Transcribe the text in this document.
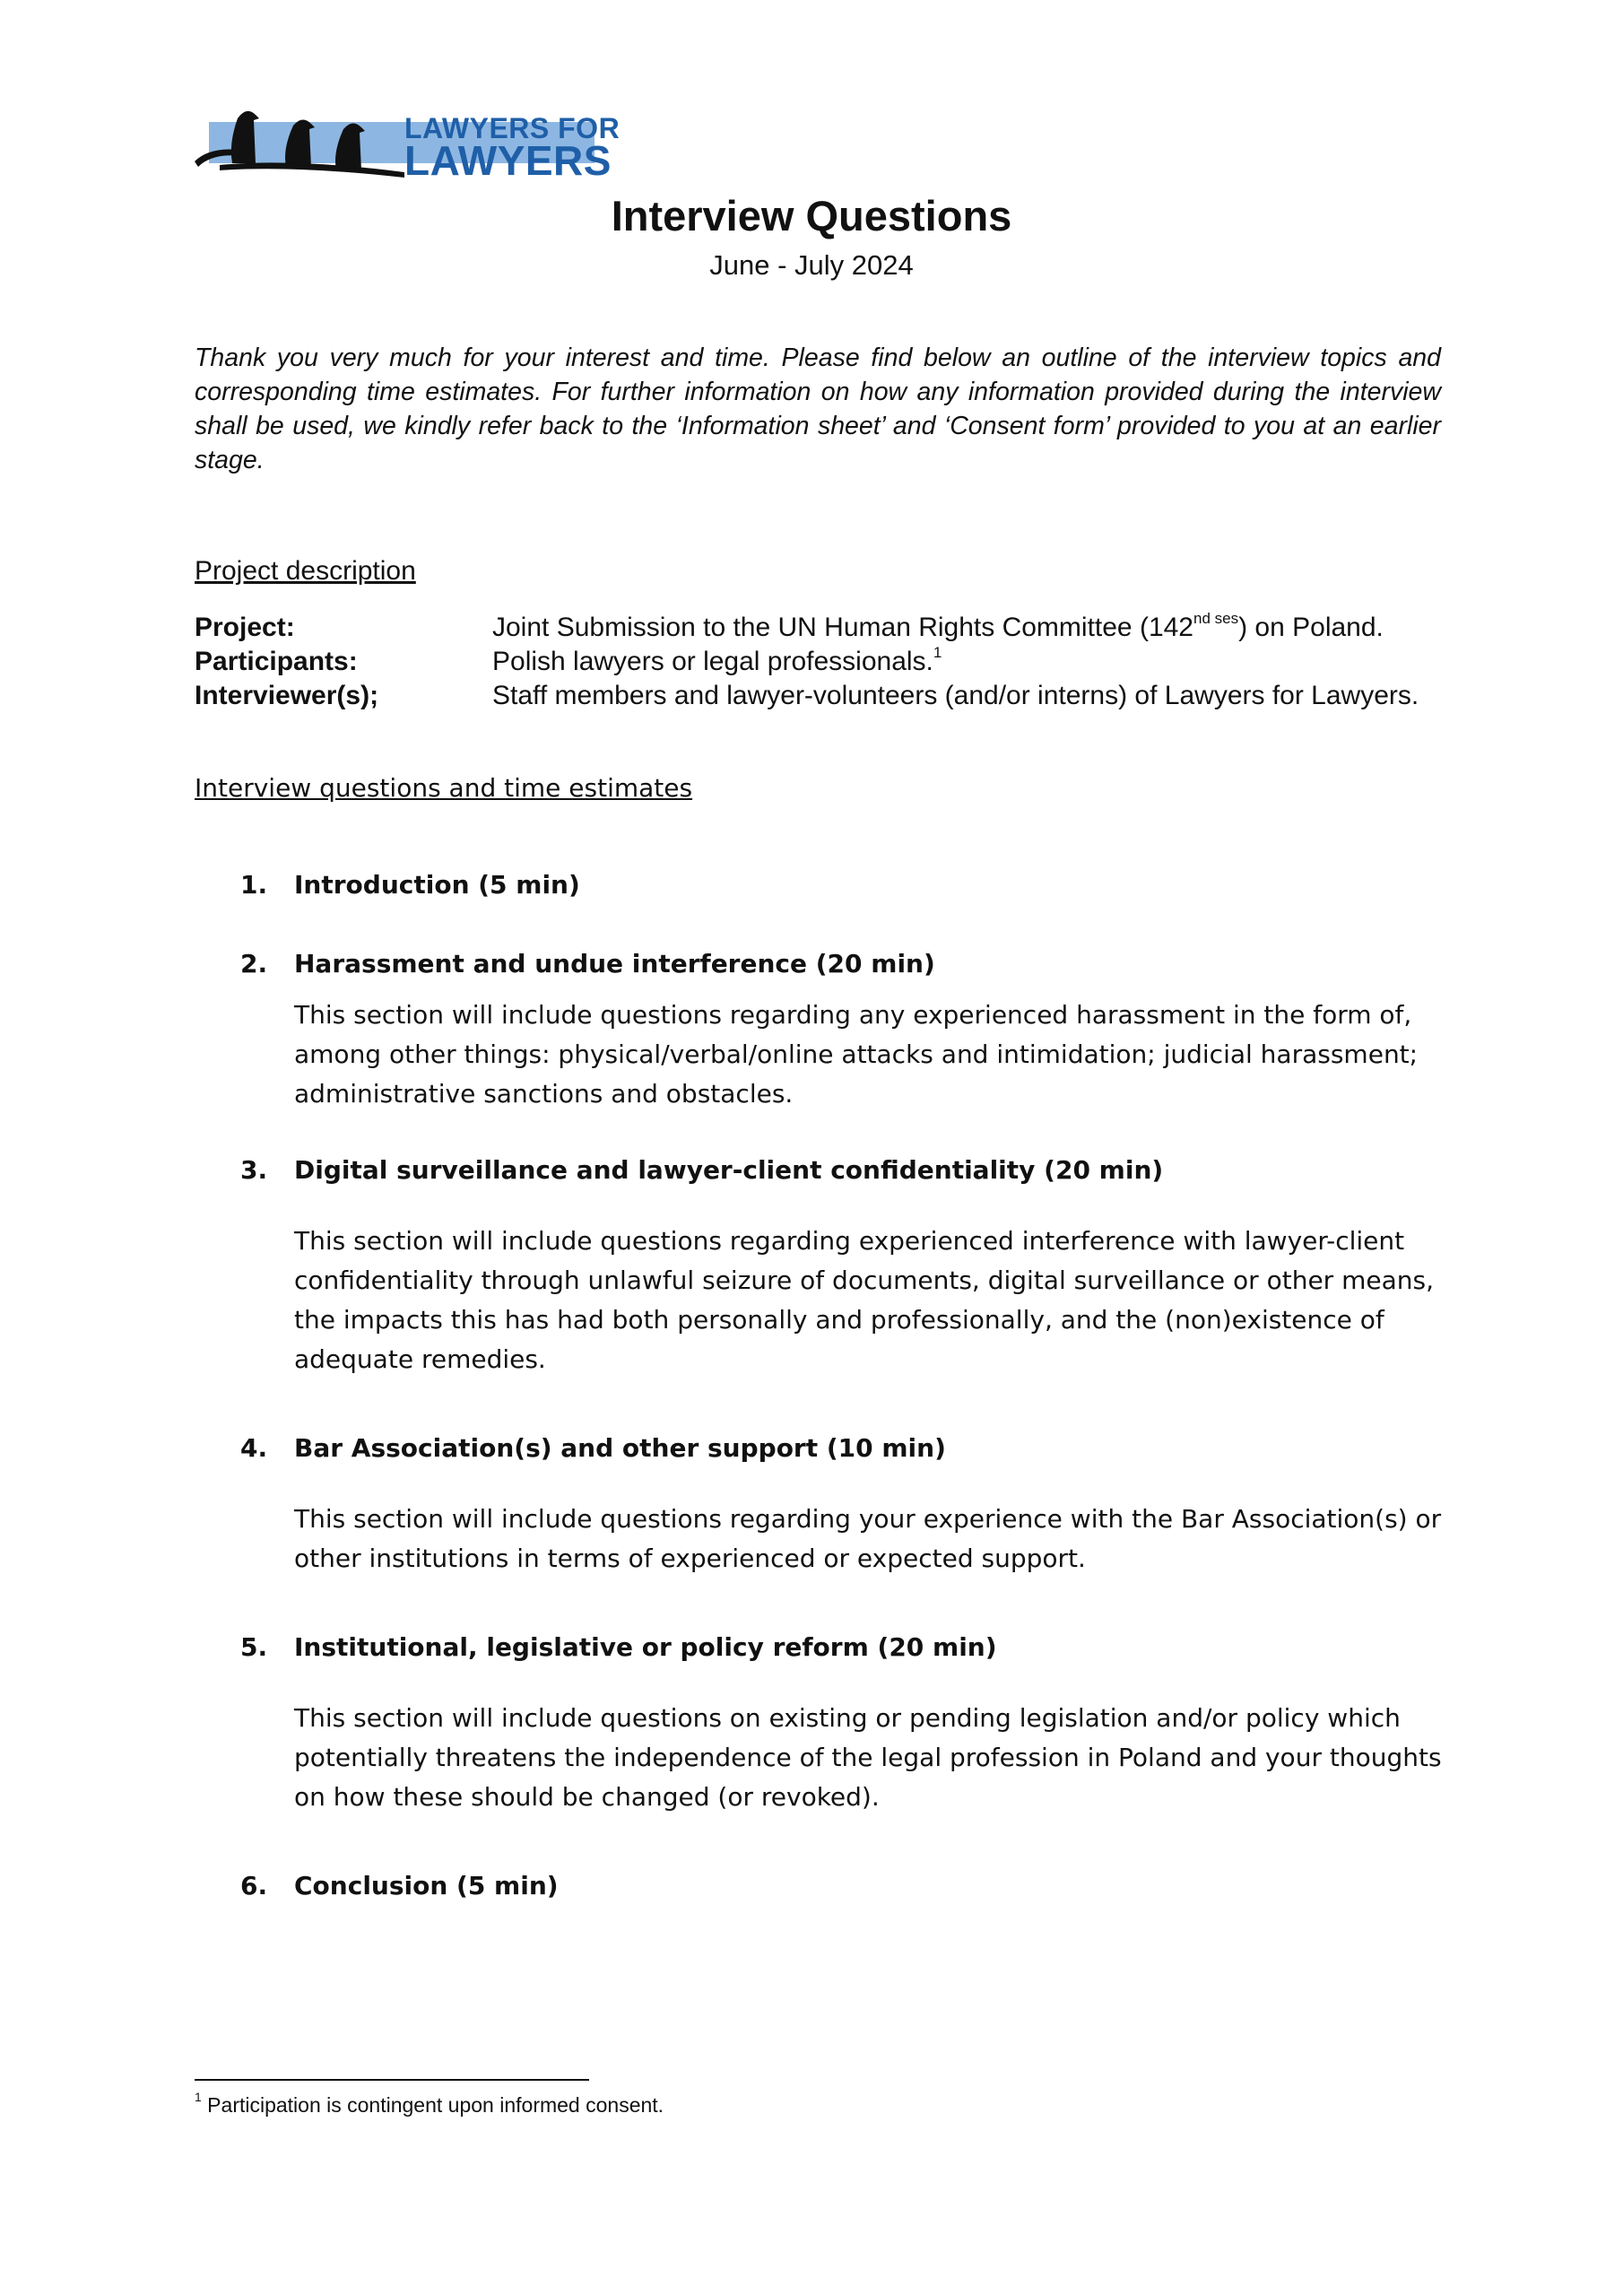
LAWYERS FOR
LAWYERS
Interview Questions
June - July 2024
Thank you very much for your interest and time. Please find below an outline of the interview topics and corresponding time estimates. For further information on how any information provided during the interview shall be used, we kindly refer back to the ‘Information sheet’ and ‘Consent form’ provided to you at an earlier stage.
Project description
Project:	Joint Submission to the UN Human Rights Committee $(142^{nd ses})$ on Poland.
Participants:	Polish lawyers or legal professionals.$^1$
Interviewer(s);	Staff members and lawyer-volunteers (and/or interns) of Lawyers for Lawyers.
Interview questions and time estimates
1. Introduction (5 min)
2. Harassment and undue interference (20 min)
This section will include questions regarding any experienced harassment in the form of, among other things: physical/verbal/online attacks and intimidation; judicial harassment; administrative sanctions and obstacles.
3. Digital surveillance and lawyer-client confidentiality (20 min)
This section will include questions regarding experienced interference with lawyer-client confidentiality through unlawful seizure of documents, digital surveillance or other means, the impacts this has had both personally and professionally, and the (non)existence of adequate remedies.
4. Bar Association(s) and other support (10 min)
This section will include questions regarding your experience with the Bar Association(s) or other institutions in terms of experienced or expected support.
5. Institutional, legislative or policy reform (20 min)
This section will include questions on existing or pending legislation and/or policy which potentially threatens the independence of the legal profession in Poland and your thoughts on how these should be changed (or revoked).
6. Conclusion (5 min)
$^1$ Participation is contingent upon informed consent.
